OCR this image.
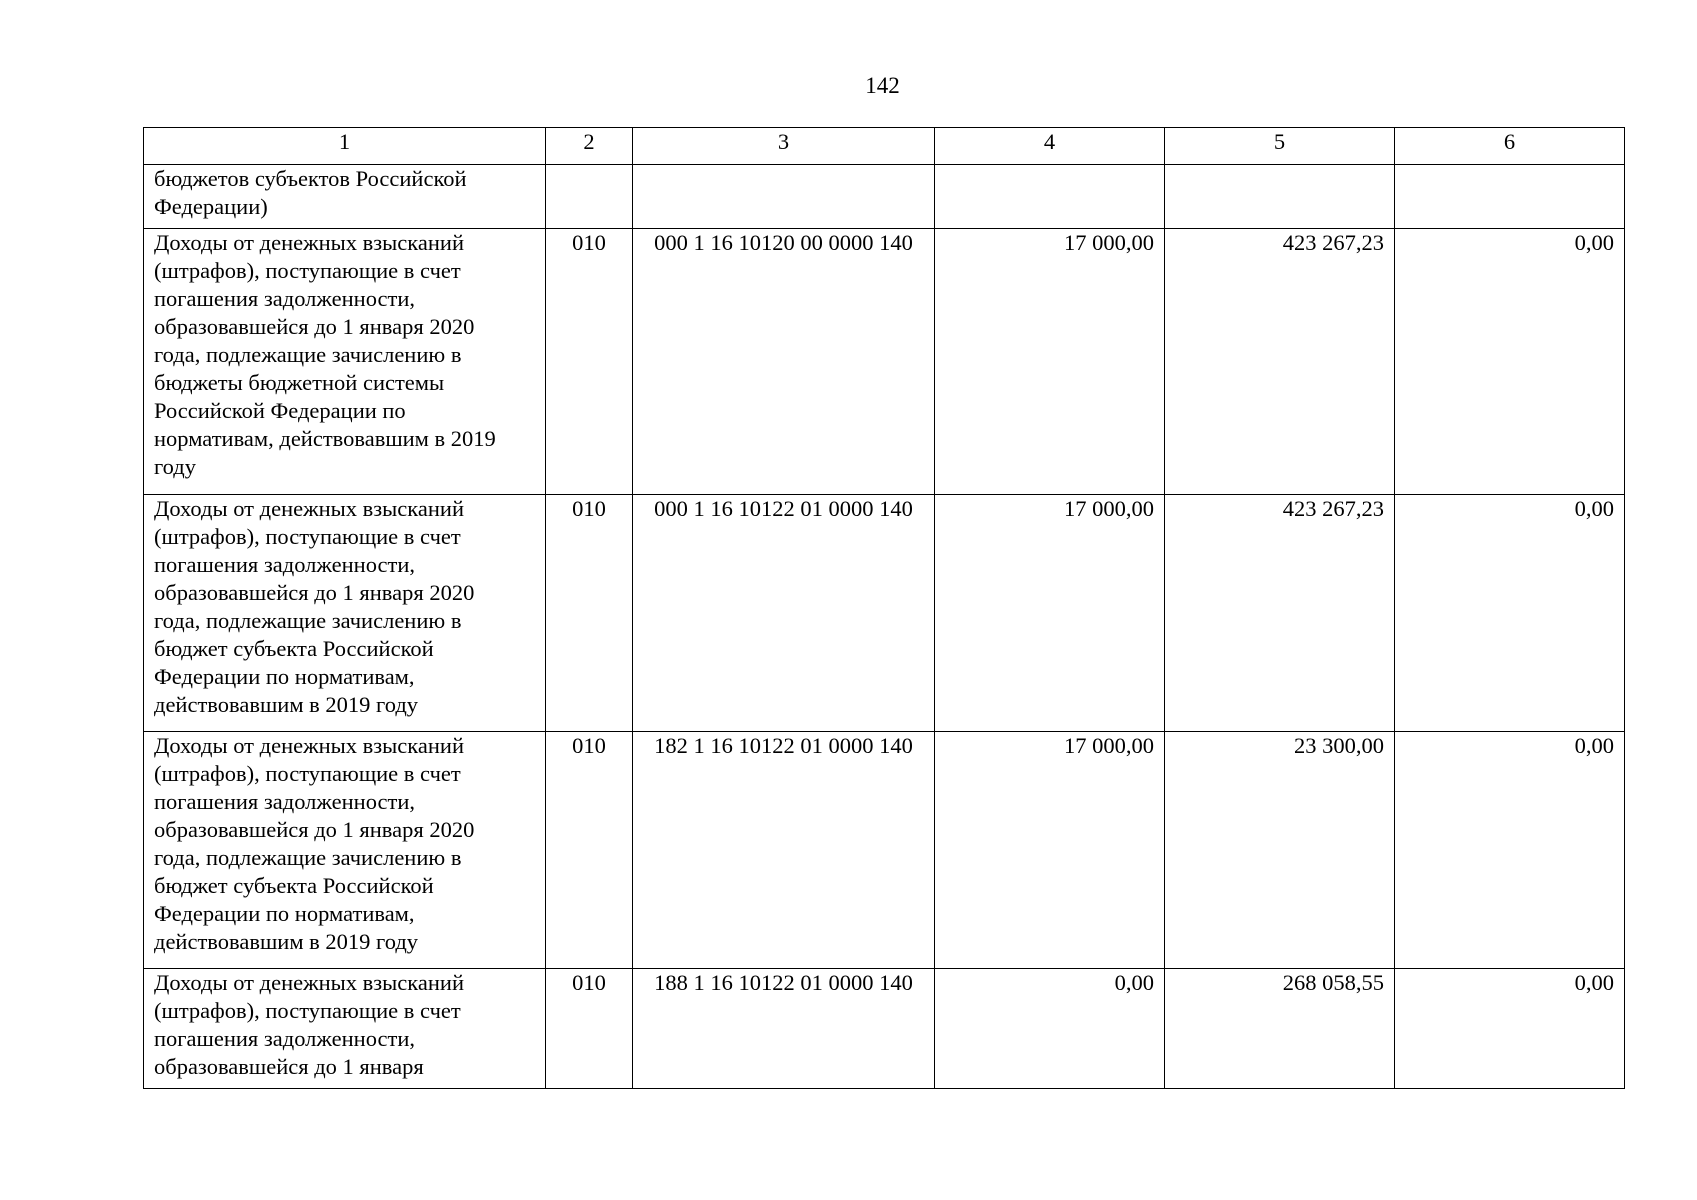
142
1	2	3	4	5	6

бюджетов субъектов Российской Федерации)					

Доходы от денежных взысканий (штрафов), поступающие в счет погашения задолженности, образовавшейся до 1 января 2020 года, подлежащие зачислению в бюджеты бюджетной системы Российской Федерации по нормативам, действовавшим в 2019 году	010	000 1 16 10120 00 0000 140	17 000,00	423 267,23	0,00

Доходы от денежных взысканий (штрафов), поступающие в счет погашения задолженности, образовавшейся до 1 января 2020 года, подлежащие зачислению в бюджет субъекта Российской Федерации по нормативам, действовавшим в 2019 году	010	000 1 16 10122 01 0000 140	17 000,00	423 267,23	0,00

Доходы от денежных взысканий (штрафов), поступающие в счет погашения задолженности, образовавшейся до 1 января 2020 года, подлежащие зачислению в бюджет субъекта Российской Федерации по нормативам, действовавшим в 2019 году	010	182 1 16 10122 01 0000 140	17 000,00	23 300,00	0,00

Доходы от денежных взысканий (штрафов), поступающие в счет погашения задолженности, образовавшейся до 1 января	010	188 1 16 10122 01 0000 140	0,00	268 058,55	0,00
